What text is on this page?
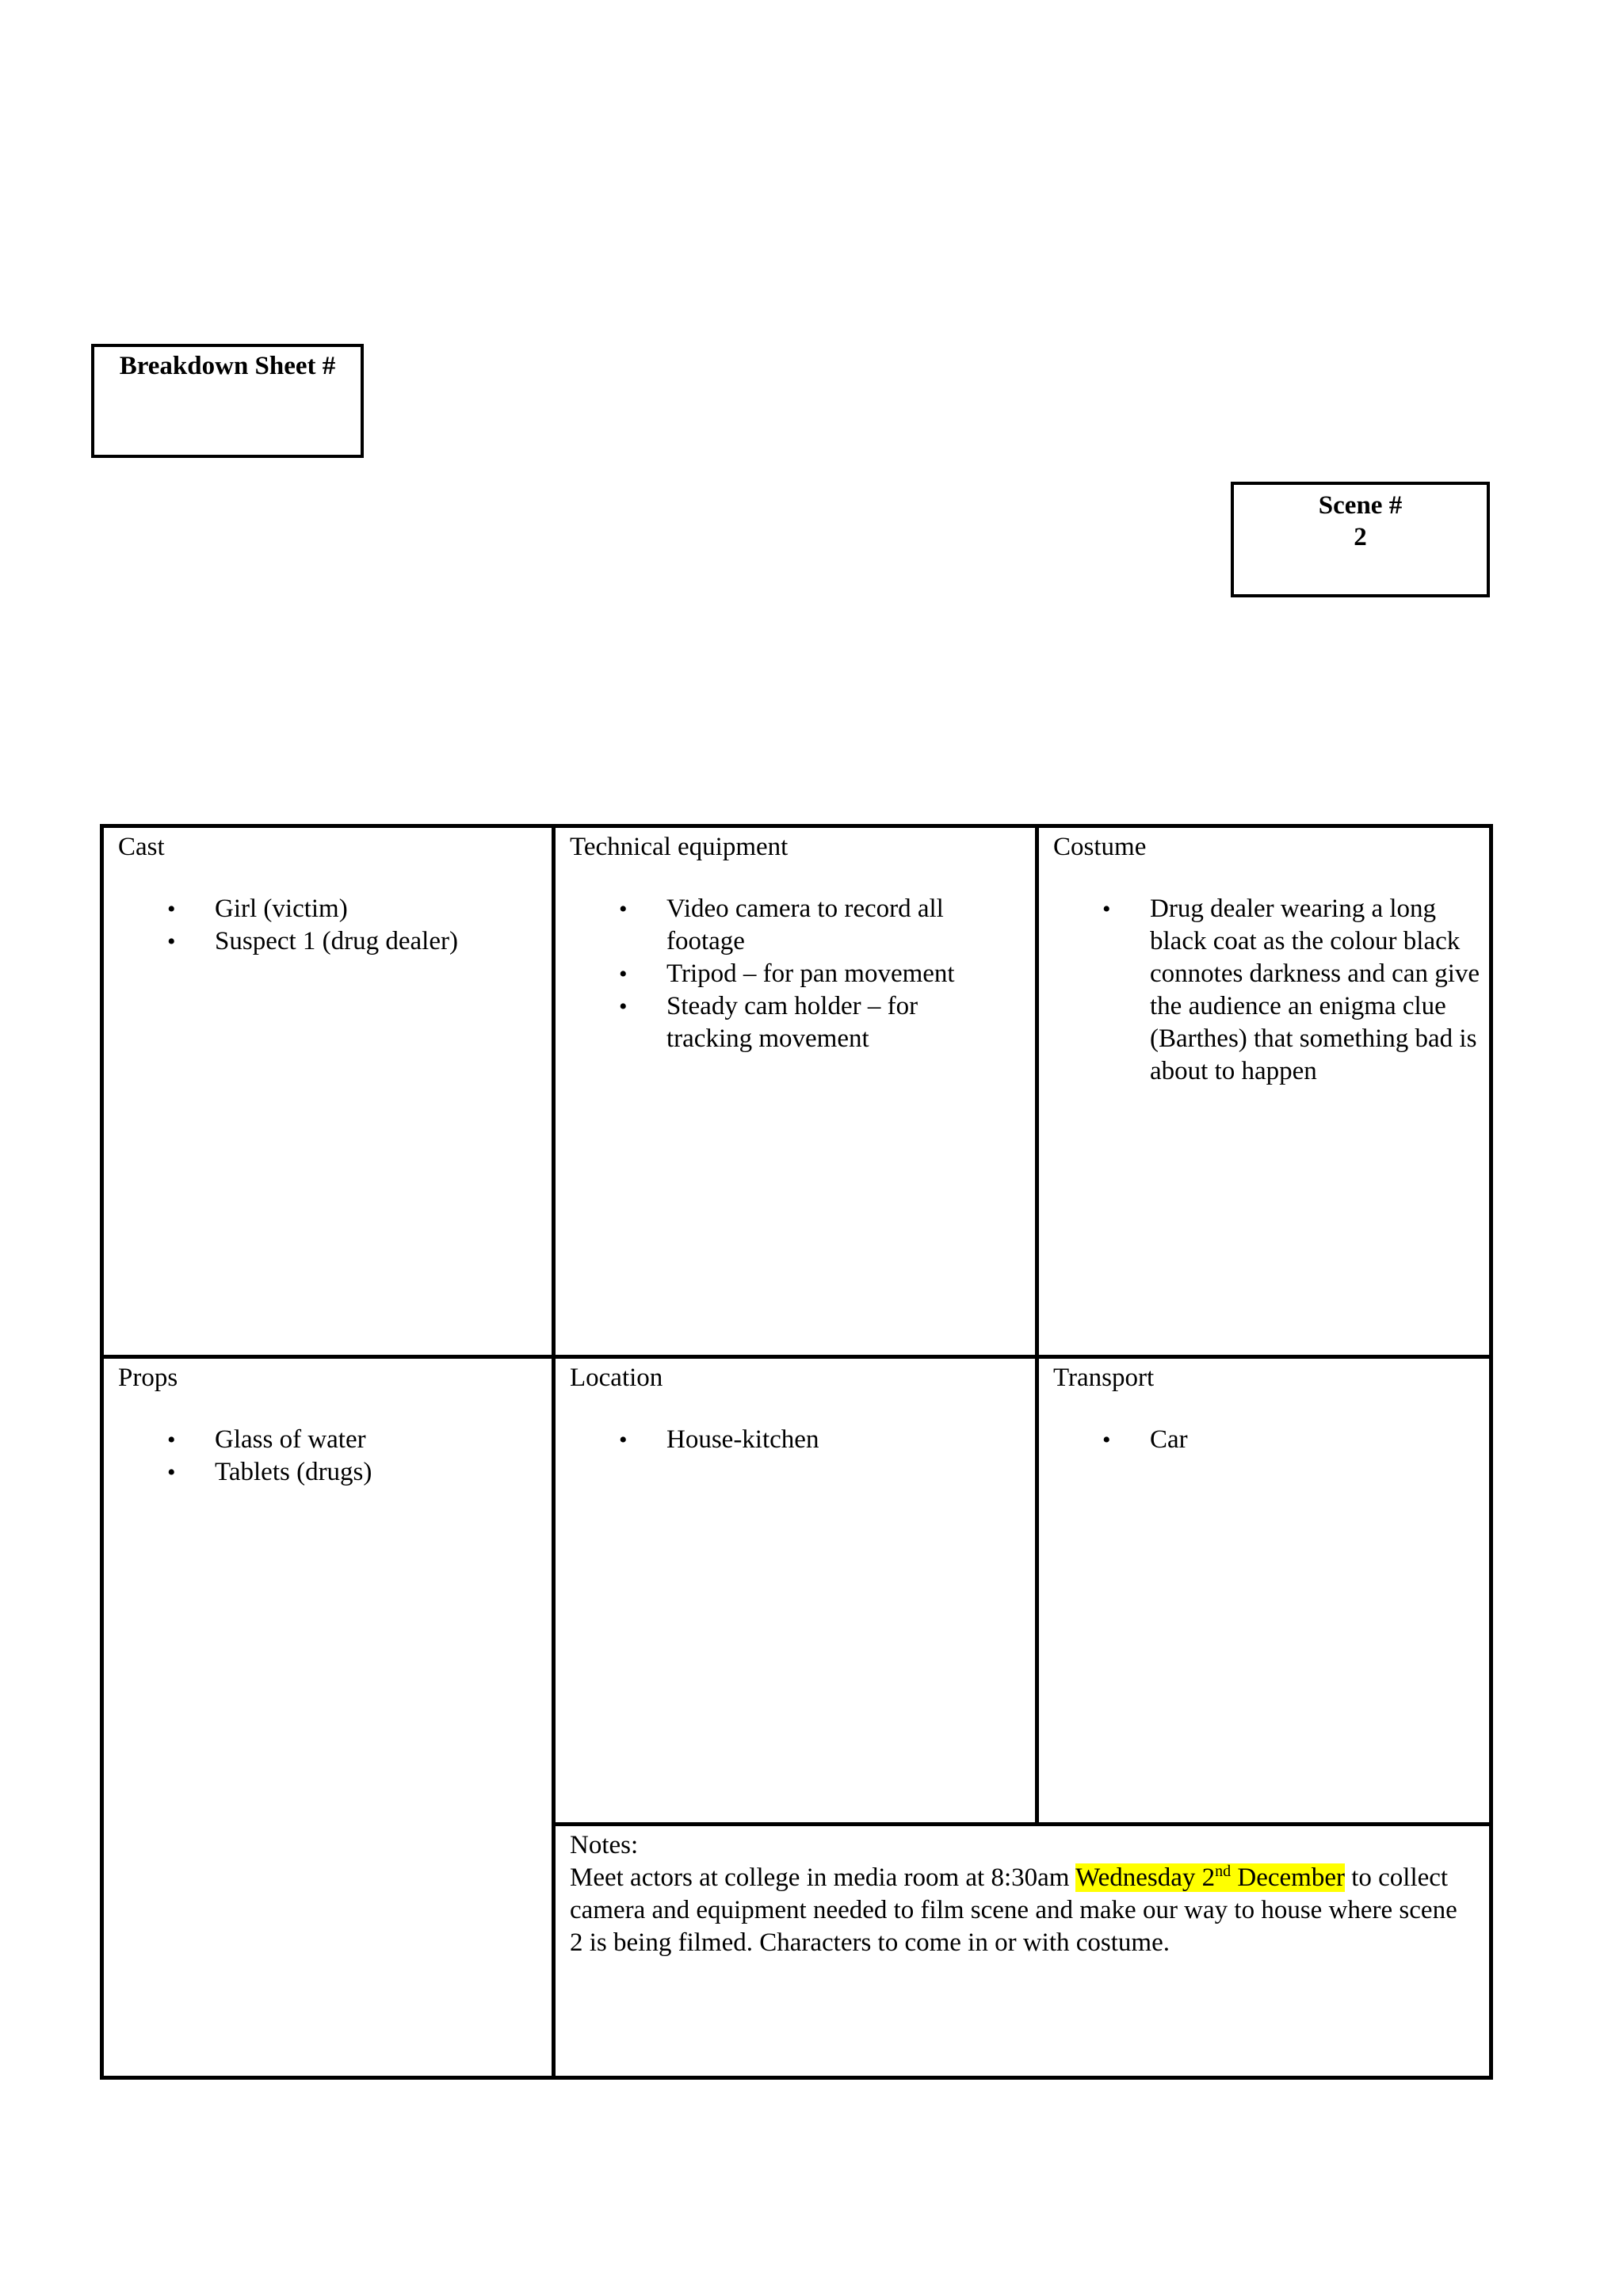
Breakdown Sheet #
Scene #
2
Cast
• Girl (victim)
• Suspect 1 (drug dealer)
Technical equipment
• Video camera to record all footage
• Tripod – for pan movement
• Steady cam holder – for tracking movement
Costume
• Drug dealer wearing a long black coat as the colour black connotes darkness and can give the audience an enigma clue (Barthes) that something bad is about to happen
Props
• Glass of water
• Tablets (drugs)
Location
• House-kitchen
Transport
• Car
Notes:
Meet actors at college in media room at 8:30am Wednesday 2nd December to collect camera and equipment needed to film scene and make our way to house where scene 2 is being filmed. Characters to come in or with costume.
